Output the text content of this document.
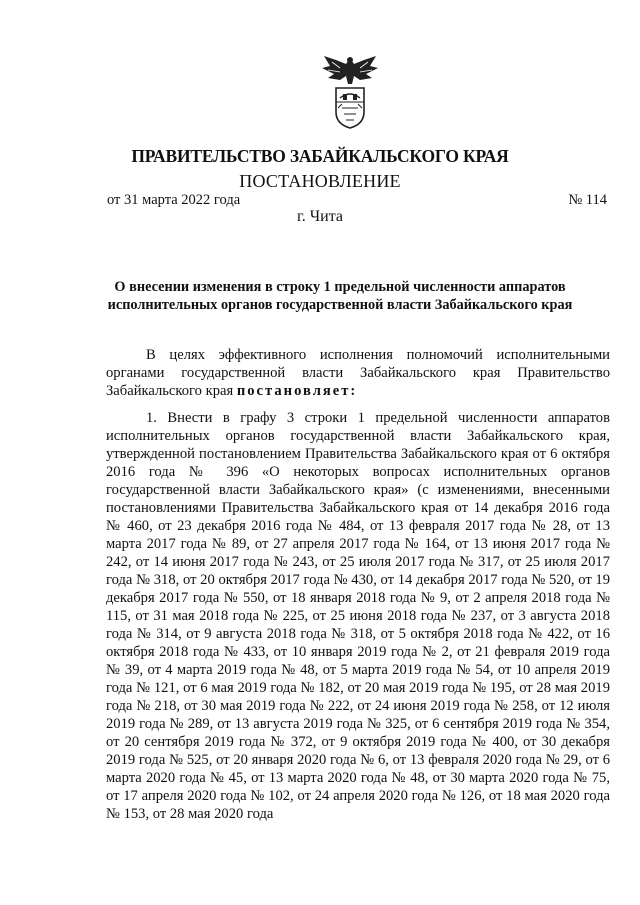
ПРАВИТЕЛЬСТВО ЗАБАЙКАЛЬСКОГО КРАЯ
ПОСТАНОВЛЕНИЕ
от 31 марта 2022 года	№ 114
г. Чита
О внесении изменения в строку 1 предельной численности аппаратов исполнительных органов государственной власти Забайкальского края
В целях эффективного исполнения полномочий исполнительными органами государственной власти Забайкальского края Правительство Забайкальского края постановляет:
1. Внести в графу 3 строки 1 предельной численности аппаратов исполнительных органов государственной власти Забайкальского края, утвержденной постановлением Правительства Забайкальского края от 6 октября 2016 года № 396 «О некоторых вопросах исполнительных органов государственной власти Забайкальского края» (с изменениями, внесенными постановлениями Правительства Забайкальского края от 14 декабря 2016 года № 460, от 23 декабря 2016 года № 484, от 13 февраля 2017 года № 28, от 13 марта 2017 года № 89, от 27 апреля 2017 года № 164, от 13 июня 2017 года № 242, от 14 июня 2017 года № 243, от 25 июля 2017 года № 317, от 25 июля 2017 года № 318, от 20 октября 2017 года № 430, от 14 декабря 2017 года № 520, от 19 декабря 2017 года № 550, от 18 января 2018 года № 9, от 2 апреля 2018 года № 115, от 31 мая 2018 года № 225, от 25 июня 2018 года № 237, от 3 августа 2018 года № 314, от 9 августа 2018 года № 318, от 5 октября 2018 года № 422, от 16 октября 2018 года № 433, от 10 января 2019 года № 2, от 21 февраля 2019 года № 39, от 4 марта 2019 года № 48, от 5 марта 2019 года № 54, от 10 апреля 2019 года № 121, от 6 мая 2019 года № 182, от 20 мая 2019 года № 195, от 28 мая 2019 года № 218, от 30 мая 2019 года № 222, от 24 июня 2019 года № 258, от 12 июля 2019 года № 289, от 13 августа 2019 года № 325, от 6 сентября 2019 года № 354, от 20 сентября 2019 года № 372, от 9 октября 2019 года № 400, от 30 декабря 2019 года № 525, от 20 января 2020 года № 6, от 13 февраля 2020 года № 29, от 6 марта 2020 года № 45, от 13 марта 2020 года № 48, от 30 марта 2020 года № 75, от 17 апреля 2020 года № 102, от 24 апреля 2020 года № 126, от 18 мая 2020 года № 153, от 28 мая 2020 года
